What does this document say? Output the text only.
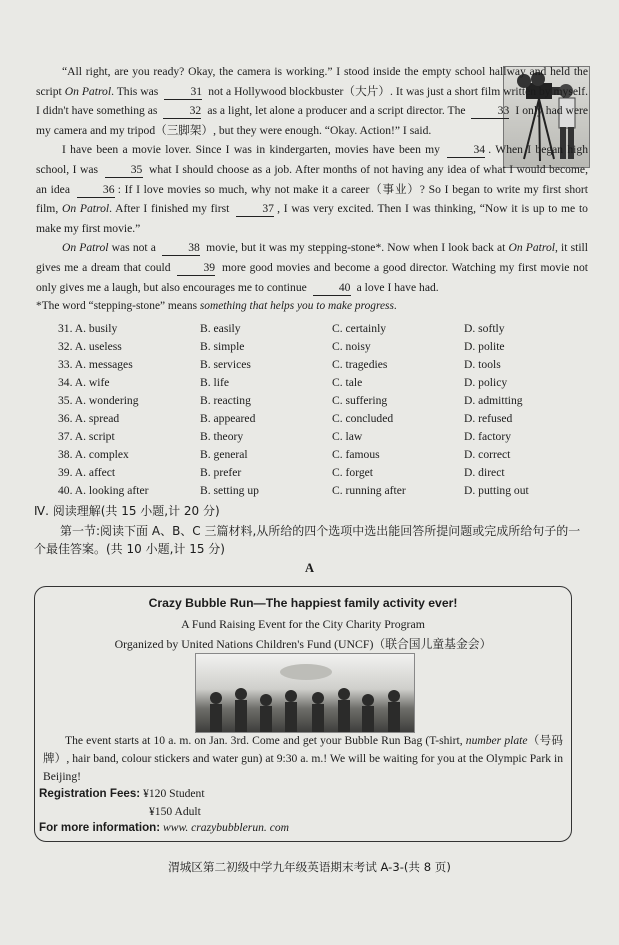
“All right, are you ready? Okay, the camera is working.” I stood inside the empty school hallway and held the script On Patrol. This was	31 not a Hollywood blockbuster（大片）. It was just a short film written by myself. I didn't have something as	32 as a light, let alone a producer and a script director. The	33 I only had were my camera and my tripod（三脚架）, but they were enough. “Okay. Action!” I said.

I have been a movie lover. Since I was in kindergarten, movies have been my	34 . When I began high school, I was	35 what I should choose as a job. After months of not having any idea of what I would become, an idea	36 : If I love movies so much, why not make it a career（事业）? So I began to write my first short film, On Patrol. After I finished my first	37 , I was very excited. Then I was thinking, “Now it is up to me to make my first movie.”

On Patrol was not a	38 movie, but it was my stepping-stone*. Now when I look back at On Patrol, it still gives me a dream that could	39 more good movies and become a good director. Watching my first movie not only gives me a laugh, but also encourages me to continue	40 a love I have had.

*The word “stepping-stone” means something that helps you to make progress.

31. A. busily	B. easily	C. certainly	D. softly
32. A. useless	B. simple	C. noisy	D. polite
33. A. messages	B. services	C. tragedies	D. tools
34. A. wife	B. life	C. tale	D. policy
35. A. wondering	B. reacting	C. suffering	D. admitting
36. A. spread	B. appeared	C. concluded	D. refused
37. A. script	B. theory	C. law	D. factory
38. A. complex	B. general	C. famous	D. correct
39. A. affect	B. prefer	C. forget	D. direct
40. A. looking after	B. setting up	C. running after	D. putting out
Ⅳ. 阅读理解(共 15 小题,计 20 分)
第一节:阅读下面 A、B、C 三篇材料,从所给的四个选项中选出能回答所提问题或完成所给句子的一个最佳答案。(共 10 小题,计 15 分)
A
Crazy Bubble Run—The happiest family activity ever!
A Fund Raising Event for the City Charity Program
Organized by United Nations Children's Fund (UNCF)（联合国儿童基金会）
The event starts at 10 a. m. on Jan. 3rd. Come and get your Bubble Run Bag (T-shirt, number plate（号码牌）, hair band, colour stickers and water gun) at 9:30 a. m.! We will be waiting for you at the Olympic Park in Beijing!
Registration Fees: ¥120 Student
¥150 Adult
For more information: www. crazybubblerun. com
渭城区第二初级中学九年级英语期末考试 A-3-(共 8 页)
